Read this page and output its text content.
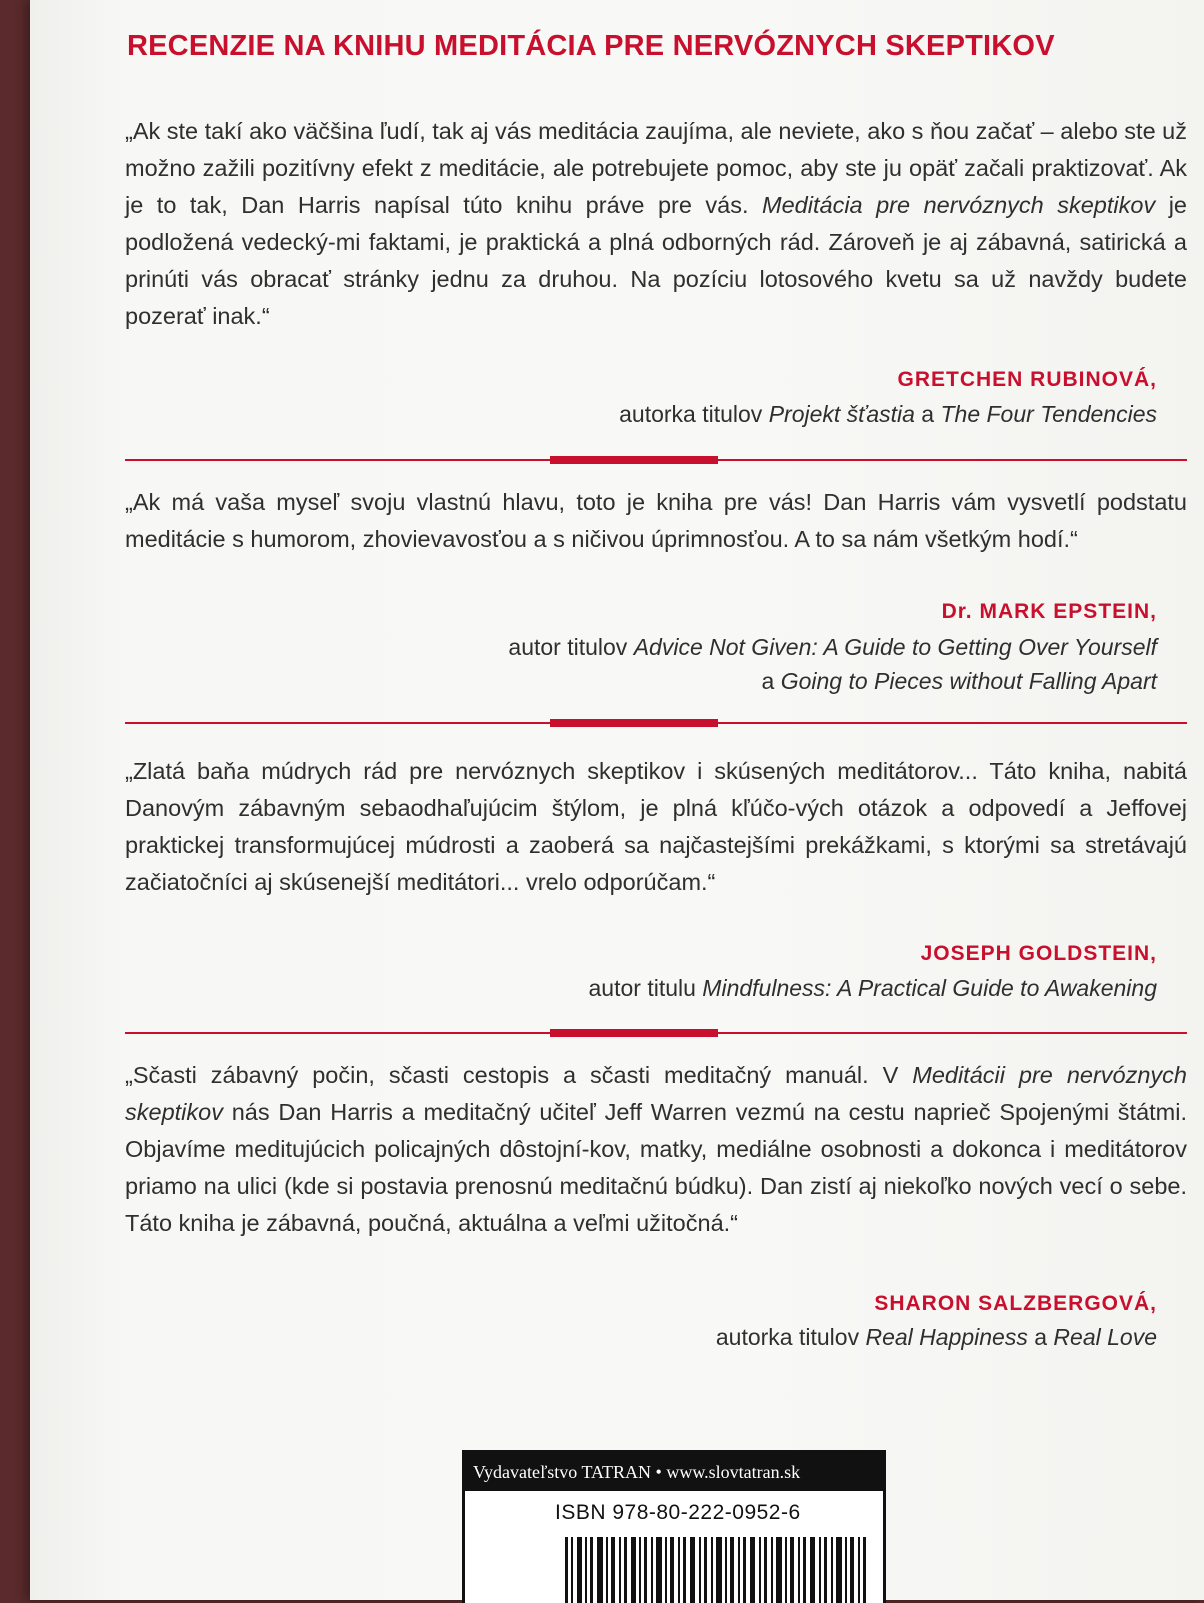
RECENZIE NA KNIHU MEDITÁCIA PRE NERVÓZNYCH SKEPTIKOV

„Ak ste takí ako väčšina ľudí, tak aj vás meditácia zaujíma, ale neviete, ako s ňou začať – alebo ste už možno zažili pozitívny efekt z meditácie, ale potrebujete pomoc, aby ste ju opäť začali praktizovať. Ak je to tak, Dan Harris napísal túto knihu práve pre vás. Meditácia pre nervóznych skeptikov je podložená vedecký-mi faktami, je praktická a plná odborných rád. Zároveň je aj zábavná, satirická a prinúti vás obracať stránky jednu za druhou. Na pozíciu lotosového kvetu sa už navždy budete pozerať inak.“

GRETCHEN RUBINOVÁ,
autorka titulov Projekt šťastia a The Four Tendencies

„Ak má vaša myseľ svoju vlastnú hlavu, toto je kniha pre vás! Dan Harris vám vysvetlí podstatu meditácie s humorom, zhovievavosťou a s ničivou úprimnosťou. A to sa nám všetkým hodí.“

Dr. MARK EPSTEIN,
autor titulov Advice Not Given: A Guide to Getting Over Yourself
a Going to Pieces without Falling Apart

„Zlatá baňa múdrych rád pre nervóznych skeptikov i skúsených meditátorov... Táto kniha, nabitá Danovým zábavným sebaodhaľujúcim štýlom, je plná kľúčo-vých otázok a odpovedí a Jeffovej praktickej transformujúcej múdrosti a zaoberá sa najčastejšími prekážkami, s ktorými sa stretávajú začiatočníci aj skúsenejší meditátori... vrelo odporúčam.“

JOSEPH GOLDSTEIN,
autor titulu Mindfulness: A Practical Guide to Awakening

„Sčasti zábavný počin, sčasti cestopis a sčasti meditačný manuál. V Meditácii pre nervóznych skeptikov nás Dan Harris a meditačný učiteľ Jeff Warren vezmú na cestu naprieč Spojenými štátmi. Objavíme meditujúcich policajných dôstojní-kov, matky, mediálne osobnosti a dokonca i meditátorov priamo na ulici (kde si postavia prenosnú meditačnú búdku). Dan zistí aj niekoľko nových vecí o sebe. Táto kniha je zábavná, poučná, aktuálna a veľmi užitočná.“

SHARON SALZBERGOVÁ,
autorka titulov Real Happiness a Real Love
Vydavateľstvo TATRAN • www.slovtatran.sk
ISBN 978-80-222-0952-6
